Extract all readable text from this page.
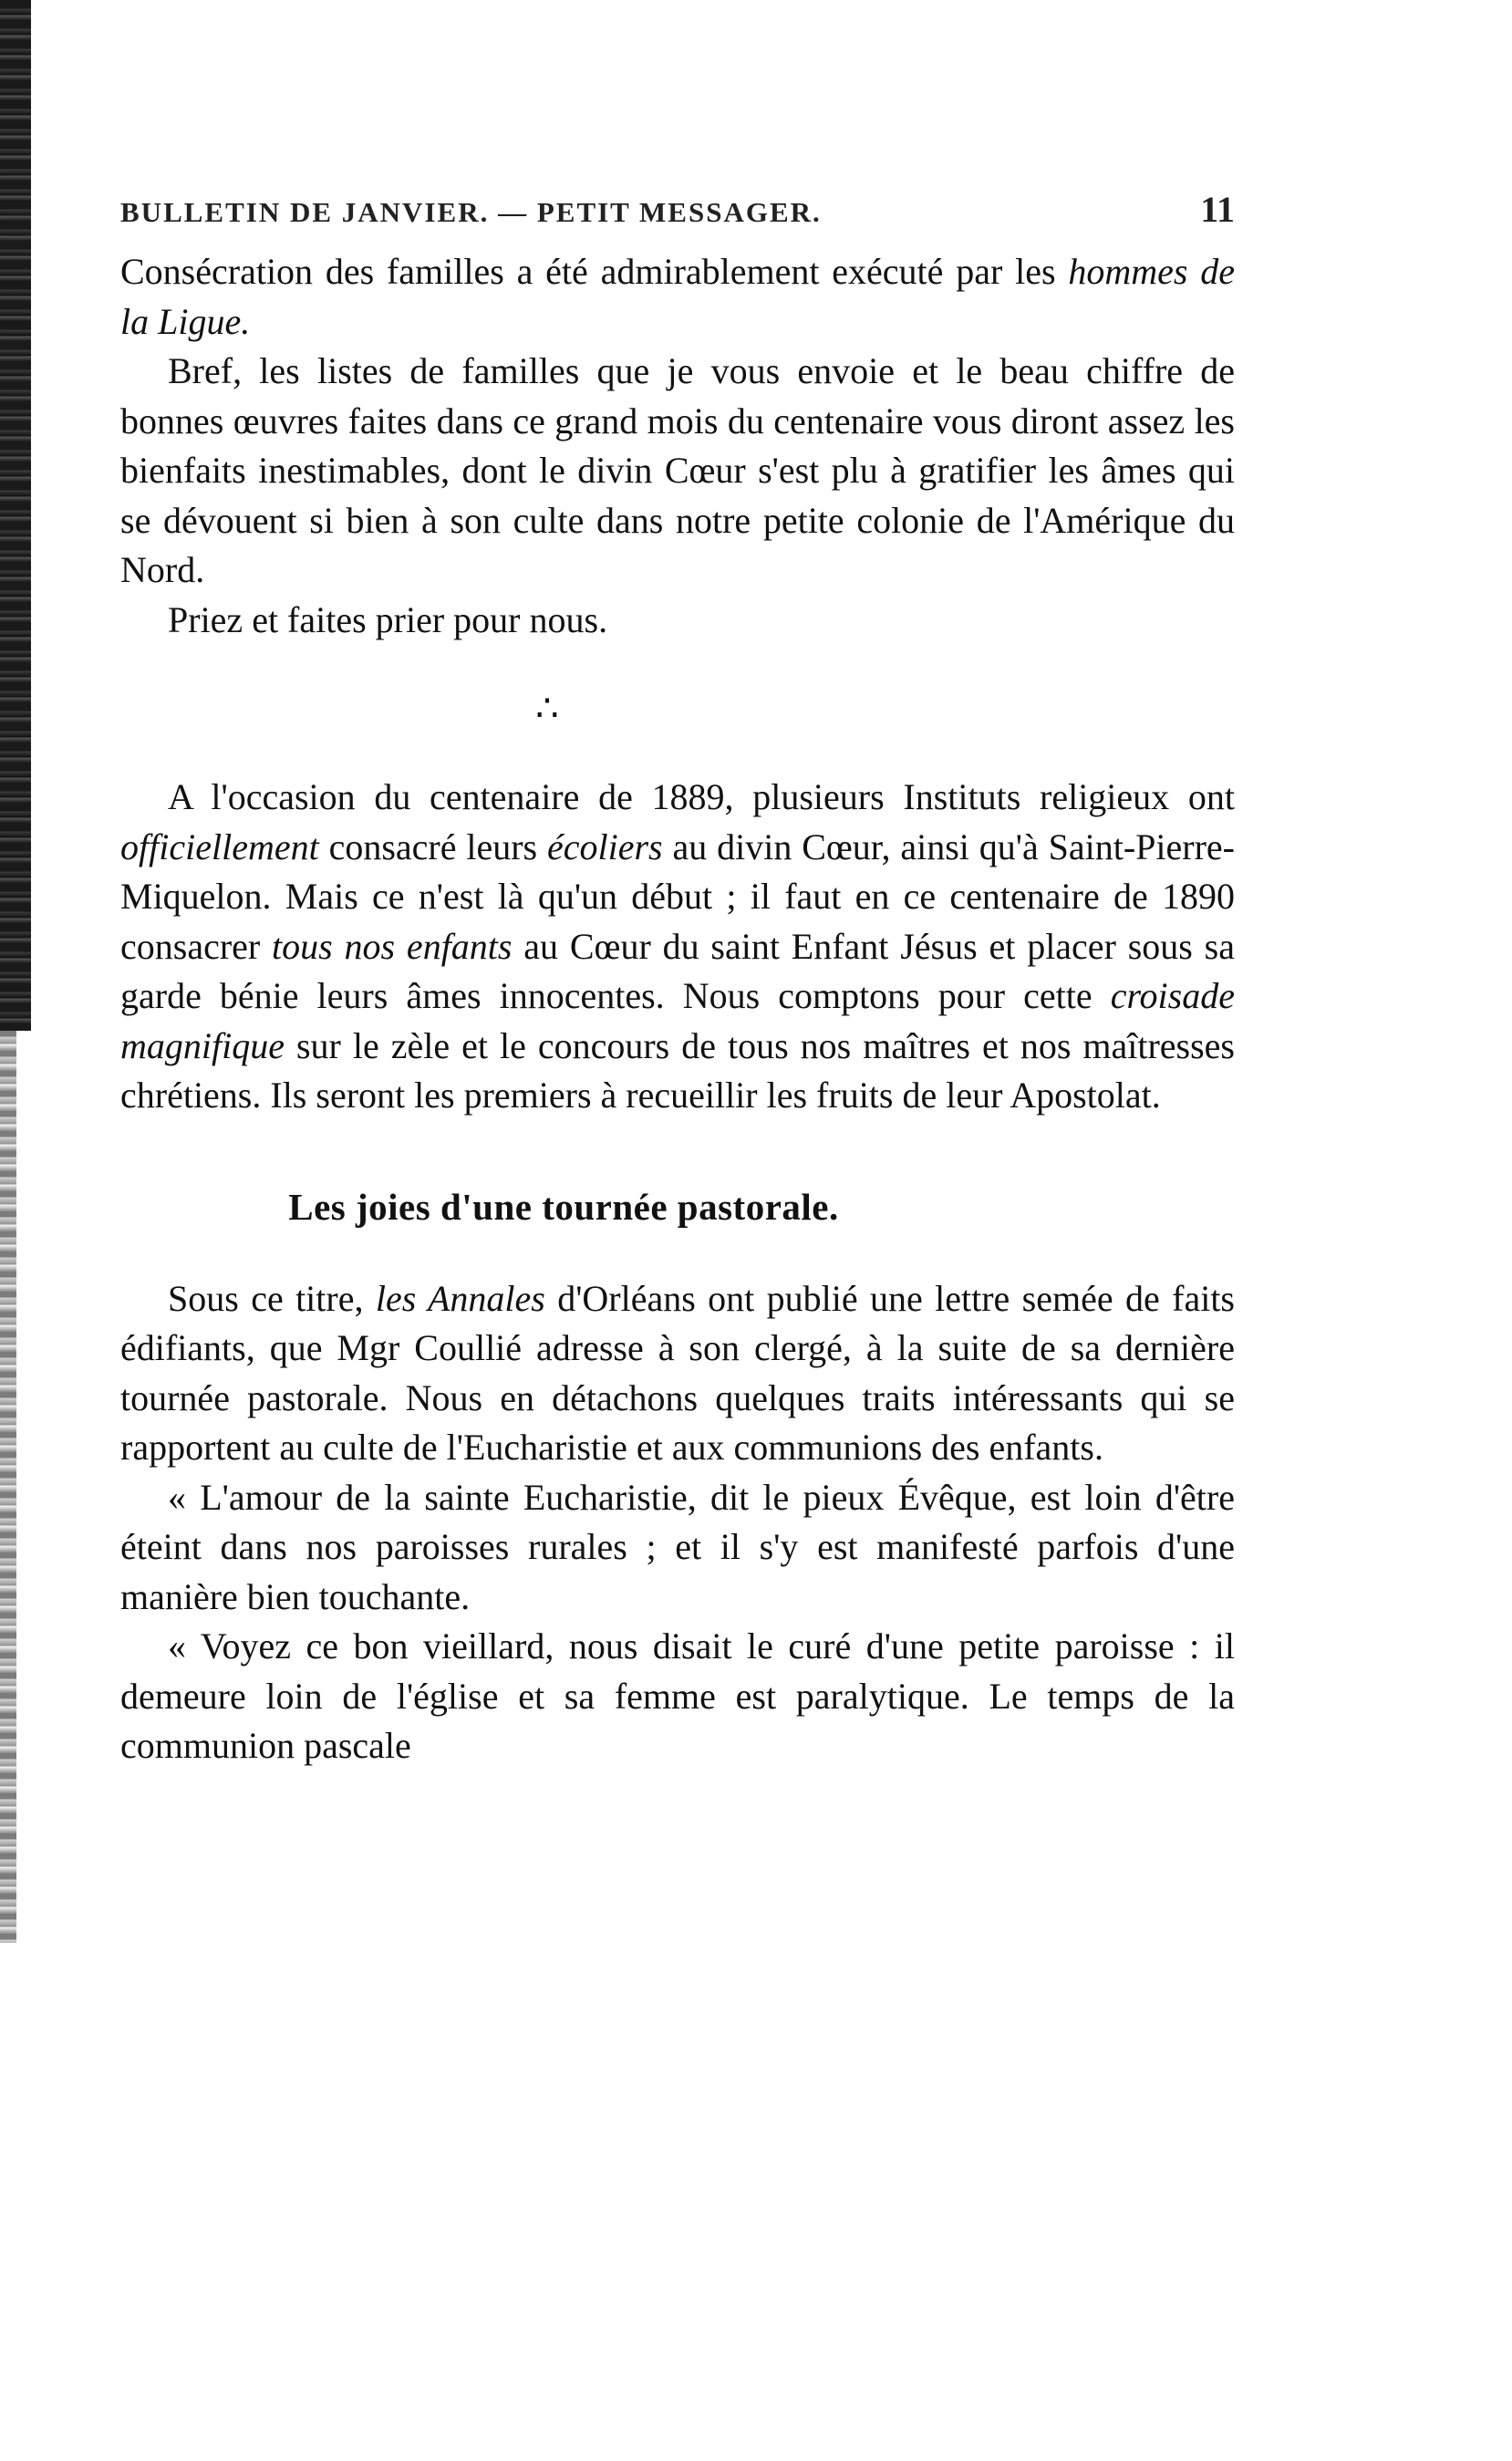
BULLETIN DE JANVIER. — PETIT MESSAGER.	11

Consécration des familles a été admirablement exécuté par les hommes de la Ligue.

Bref, les listes de familles que je vous envoie et le beau chiffre de bonnes œuvres faites dans ce grand mois du centenaire vous diront assez les bienfaits inestimables, dont le divin Cœur s'est plu à gratifier les âmes qui se dévouent si bien à son culte dans notre petite colonie de l'Amérique du Nord.

Priez et faites prier pour nous.

∴

A l'occasion du centenaire de 1889, plusieurs Instituts religieux ont officiellement consacré leurs écoliers au divin Cœur, ainsi qu'à Saint-Pierre-Miquelon. Mais ce n'est là qu'un début ; il faut en ce centenaire de 1890 consacrer tous nos enfants au Cœur du saint Enfant Jésus et placer sous sa garde bénie leurs âmes innocentes. Nous comptons pour cette croisade magnifique sur le zèle et le concours de tous nos maîtres et nos maîtresses chrétiens. Ils seront les premiers à recueillir les fruits de leur Apostolat.

Les joies d'une tournée pastorale.

Sous ce titre, les Annales d'Orléans ont publié une lettre semée de faits édifiants, que Mgr Coullié adresse à son clergé, à la suite de sa dernière tournée pastorale. Nous en détachons quelques traits intéressants qui se rapportent au culte de l'Eucharistie et aux communions des enfants.

« L'amour de la sainte Eucharistie, dit le pieux Évêque, est loin d'être éteint dans nos paroisses rurales ; et il s'y est manifesté parfois d'une manière bien touchante.

« Voyez ce bon vieillard, nous disait le curé d'une petite paroisse : il demeure loin de l'église et sa femme est paralytique. Le temps de la communion pascale
